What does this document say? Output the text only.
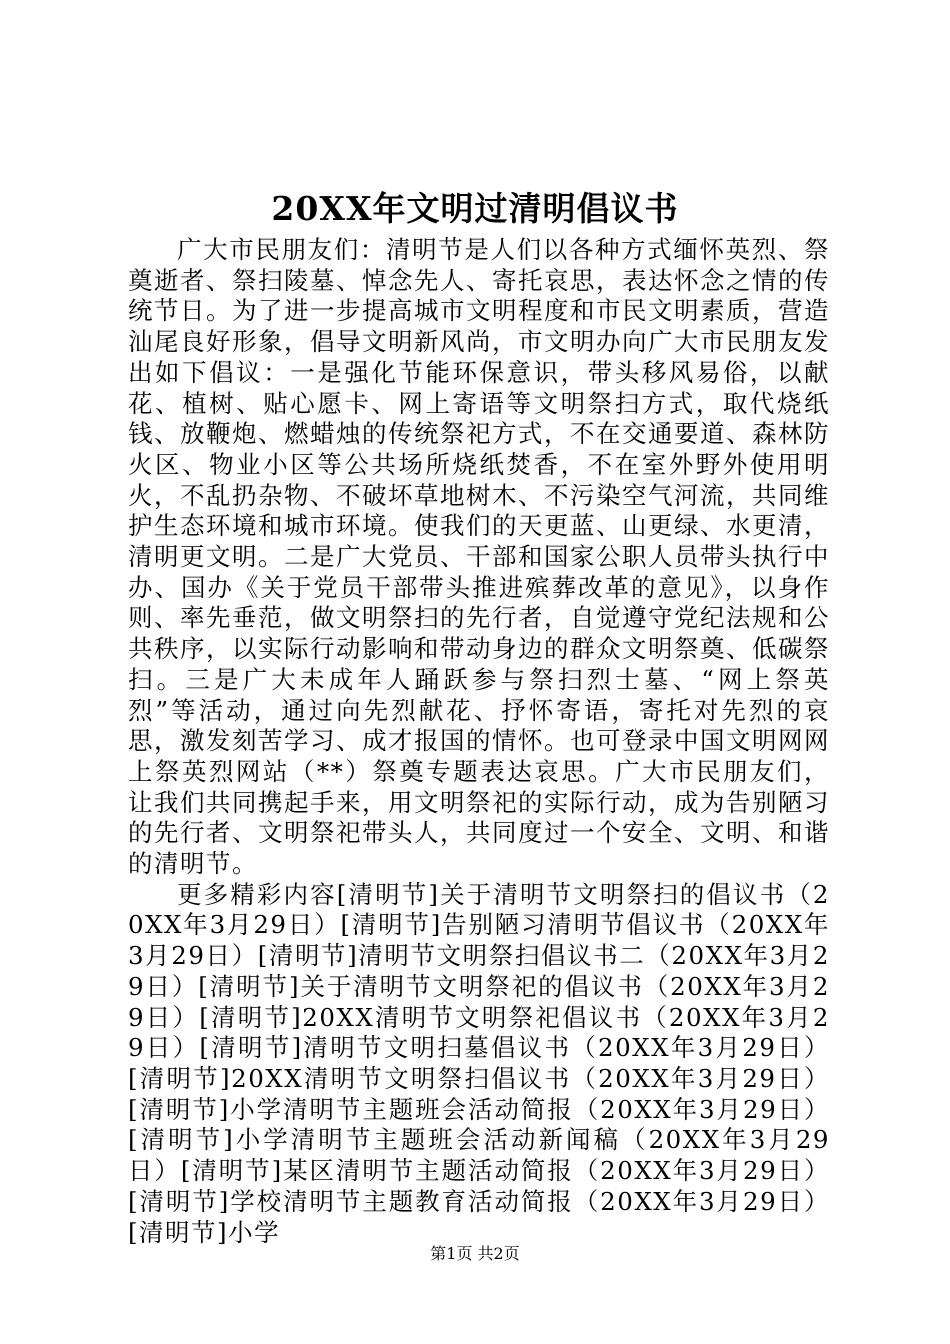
20XX年文明过清明倡议书

广大市民朋友们：清明节是人们以各种方式缅怀英烈、祭奠逝者、祭扫陵墓、悼念先人、寄托哀思，表达怀念之情的传统节日。为了进一步提高城市文明程度和市民文明素质，营造汕尾良好形象，倡导文明新风尚，市文明办向广大市民朋友发出如下倡议：一是强化节能环保意识，带头移风易俗，以献花、植树、贴心愿卡、网上寄语等文明祭扫方式，取代烧纸钱、放鞭炮、燃蜡烛的传统祭祀方式，不在交通要道、森林防火区、物业小区等公共场所烧纸焚香，不在室外野外使用明火，不乱扔杂物、不破坏草地树木、不污染空气河流，共同维护生态环境和城市环境。使我们的天更蓝、山更绿、水更清，清明更文明。二是广大党员、干部和国家公职人员带头执行中办、国办《关于党员干部带头推进殡葬改革的意见》，以身作则、率先垂范，做文明祭扫的先行者，自觉遵守党纪法规和公共秩序，以实际行动影响和带动身边的群众文明祭奠、低碳祭扫。三是广大未成年人踊跃参与祭扫烈士墓、“网上祭英烈”等活动，通过向先烈献花、抒怀寄语，寄托对先烈的哀思，激发刻苦学习、成才报国的情怀。也可登录中国文明网网上祭英烈网站（**）祭奠专题表达哀思。广大市民朋友们，让我们共同携起手来，用文明祭祀的实际行动，成为告别陋习的先行者、文明祭祀带头人，共同度过一个安全、文明、和谐的清明节。

更多精彩内容[清明节]关于清明节文明祭扫的倡议书（20XX年3月29日）[清明节]告别陋习清明节倡议书（20XX年3月29日）[清明节]清明节文明祭扫倡议书二（20XX年3月29日）[清明节]关于清明节文明祭祀的倡议书（20XX年3月29日）[清明节]20XX清明节文明祭祀倡议书（20XX年3月29日）[清明节]清明节文明扫墓倡议书（20XX年3月29日）[清明节]20XX清明节文明祭扫倡议书（20XX年3月29日）[清明节]小学清明节主题班会活动简报（20XX年3月29日）[清明节]小学清明节主题班会活动新闻稿（20XX年3月29日）[清明节]某区清明节主题活动简报（20XX年3月29日）[清明节]学校清明节主题教育活动简报（20XX年3月29日）[清明节]小学

第1页 共2页
